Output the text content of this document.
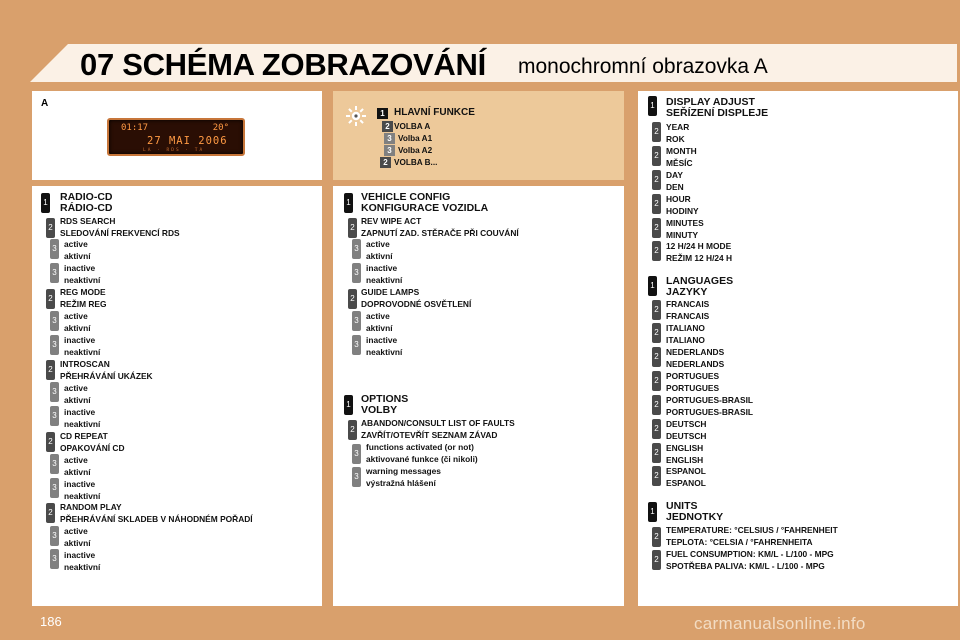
07 SCHÉMA ZOBRAZOVÁNÍ monochromní obrazovka A
A
01:17	20°
27 MAI 2006
LA · RDS · TA
1 HLAVNÍ FUNKCE
2 VOLBA A
3 Volba A1
3 Volba A2
2 VOLBA B...
1 RADIO-CD
RÁDIO-CD
2
RDS SEARCH
SLEDOVÁNÍ FREKVENCÍ RDS
3 active
aktivní
3 inactive
neaktivní
2
REG MODE
REŽIM REG
3 active
aktivní
3 inactive
neaktivní
2
INTROSCAN
PŘEHRÁVÁNÍ UKÁZEK
3 active
aktivní
3 inactive
neaktivní
2
CD REPEAT
OPAKOVÁNÍ CD
3 active
aktivní
3 inactive
neaktivní
2
RANDOM PLAY
PŘEHRÁVÁNÍ SKLADEB V NÁHODNÉM POŘADÍ
3 active
aktivní
3 inactive
neaktivní
1 VEHICLE CONFIG
KONFIGURACE VOZIDLA
2
REV WIPE ACT
ZAPNUTÍ ZAD. STĚRAČE PŘI COUVÁNÍ
3 active
aktivní
3 inactive
neaktivní
2
GUIDE LAMPS
DOPROVODNÉ OSVĚTLENÍ
3 active
aktivní
3 inactive
neaktivní
1 OPTIONS
VOLBY
2
ABANDON/CONSULT LIST OF FAULTS
ZAVŘÍT/OTEVŘÍT SEZNAM ZÁVAD
3
functions activated (or not)
aktivované funkce (či nikoli)
3
warning messages
výstražná hlášení
1 DISPLAY ADJUST
SEŘÍZENÍ DISPLEJE
2 YEAR
ROK
2 MONTH
MĚSÍC
2 DAY
DEN
2 HOUR
HODINY
2 MINUTES
MINUTY
2 12 H/24 H MODE
REŽIM 12 H/24 H
1 LANGUAGES
JAZYKY
2
FRANCAIS
FRANCAIS
2 ITALIANO
ITALIANO
2 NEDERLANDS
NEDERLANDS
2 PORTUGUES
PORTUGUES
2 PORTUGUES-BRASIL
PORTUGUES-BRASIL
2 DEUTSCH
DEUTSCH
2 ENGLISH
ENGLISH
2 ESPANOL
ESPANOL
1 UNITS
JEDNOTKY
2
TEMPERATURE: °CELSIUS / °FAHRENHEIT
TEPLOTA: °CELSIA / °FAHRENHEITA
2
FUEL CONSUMPTION: KM/L - L/100 - MPG
SPOTŘEBA PALIVA: KM/L - L/100 - MPG
186	carmanualsonline.info
